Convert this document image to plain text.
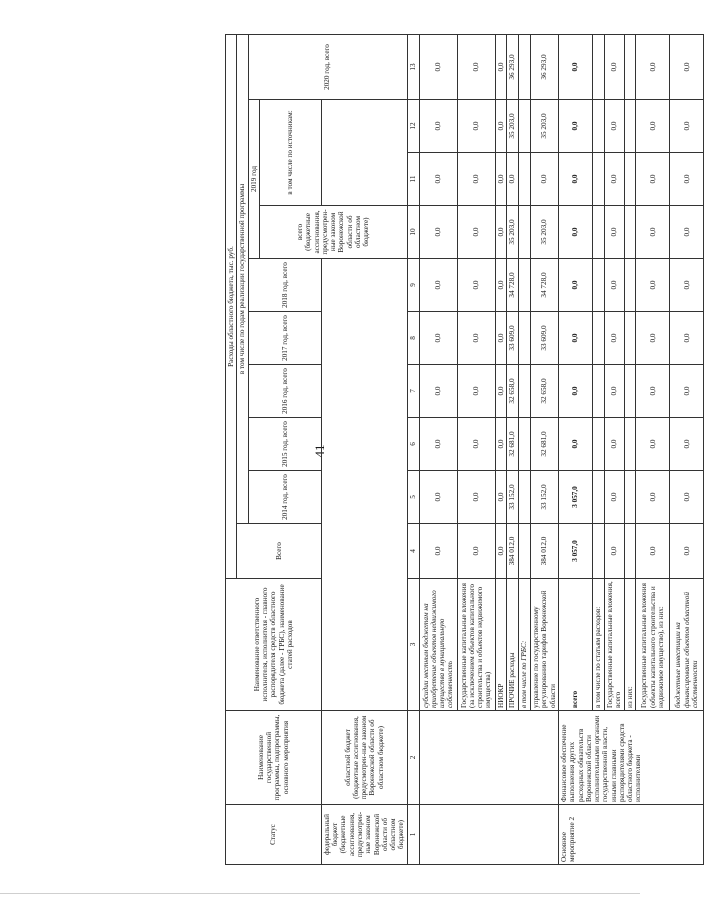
41
Статус	Наименование государственной программы, подпрограммы, основного мероприятия	Наименование ответственного исполнителя, исполнителя - главного распорядителя средств областного бюджета (далее - ГРБС), наименование статей расходов	Расходы областного бюджета, тыс. руб.									
			Всего	в том числе по годам реализации государственной программы								
				2014 год, всего	2015 год, всего	2016 год, всего	2017 год, всего	2018 год, всего	2019 год			2020 год, всего
									всего (бюджетные ассигнования, предусмотрен-ные законом Воронежской области об областном бюджете)	в том числе по источникам:		
федеральный бюджет (бюджетные ассигнования, предусмотрен-ные законом Воронежской области об областном бюджете)	областной бюджет (бюджетные ассигнования, предусмотрен-ные законом Воронежской области об областном бюджете)											
1	2	3	4	5	6	7	8	9	10	11	12	13
		субсидии местным бюджетам на приобретение объектов недвижимого имущества в муниципальную собственность	0,0	0,0	0,0	0,0	0,0	0,0	0,0	0,0	0,0	0,0
		Государственные капитальные вложения (за исключением объектов капитального строительства и объектов недвижимого имущества)	0,0	0,0	0,0	0,0	0,0	0,0	0,0	0,0	0,0	0,0
		НИОКР	0,0	0,0	0,0	0,0	0,0	0,0	0,0	0,0	0,0	0,0
		ПРОЧИЕ расходы	384 012,0	33 152,0	32 681,0	32 658,0	33 609,0	34 728,0	35 203,0	0,0	35 203,0	36 293,0
		в том числе по ГРБС:										
		управление по государственному регулированию тарифов Воронежской области	384 012,0	33 152,0	32 681,0	32 658,0	33 609,0	34 728,0	35 203,0	0,0	35 203,0	36 293,0
Основное мероприятие 2	Финансовое обеспечение выполнения других расходных обязательств Воронежской области исполнительными органами государственной власти, иными главными распорядителями средств областного бюджета - исполнителями	всего	3 057,0	3 057,0	0,0	0,0	0,0	0,0	0,0	0,0	0,0	0,0
		в том числе по статьям расходов:										
		Государственные капитальные вложения, всего	0,0	0,0	0,0	0,0	0,0	0,0	0,0	0,0	0,0	0,0
		из них:										
		Государственные капитальные вложения (объекты капитального строительства и недвижимое имущество), из них:	0,0	0,0	0,0	0,0	0,0	0,0	0,0	0,0	0,0	0,0
		бюджетные инвестиции на финансирование объектов областной собственности	0,0	0,0	0,0	0,0	0,0	0,0	0,0	0,0	0,0	0,0
